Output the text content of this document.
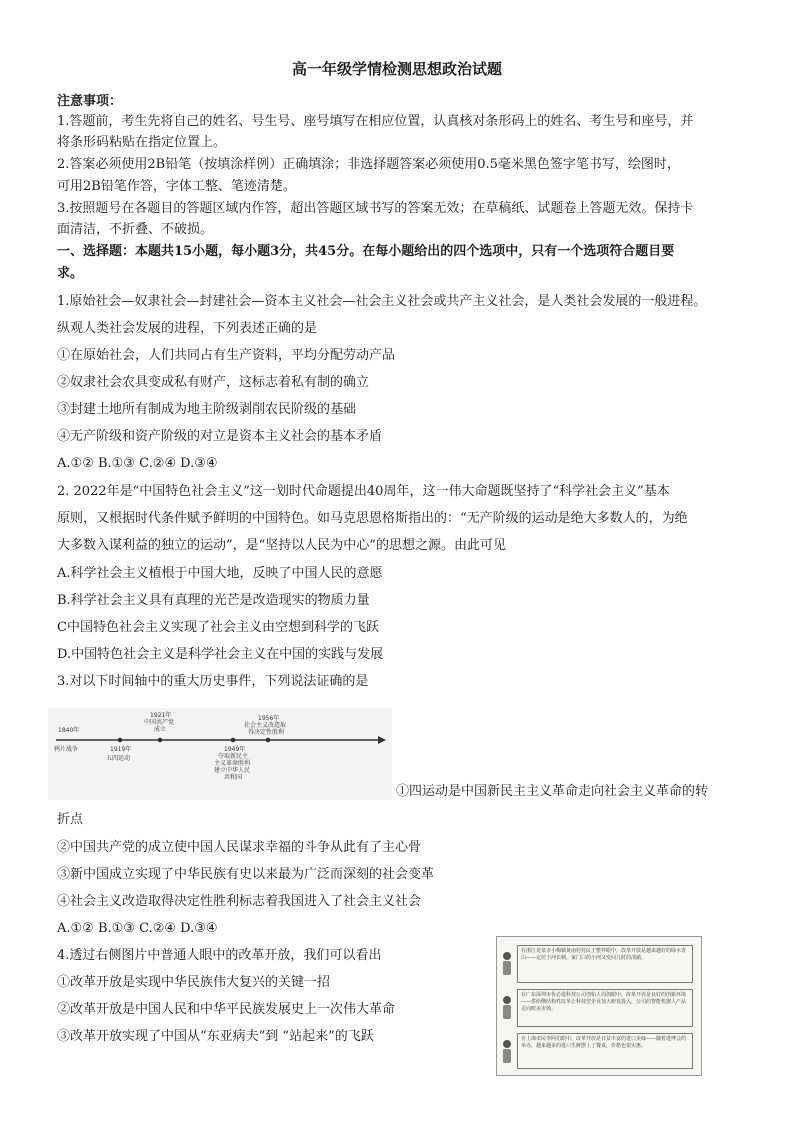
高一年级学情检测思想政治试题
注意事项：
1.答题前，考生先将自己的姓名、号生号、座号填写在相应位置，认真核对条形码上的姓名、考生号和座号，并
将条形码粘贴在指定位置上。
2.答案必须使用2B铅笔（按填涂样例）正确填涂；非选择题答案必须使用0.5毫米黑色签字笔书写，绘图时，
可用2B铅笔作答，字体工整、笔迹清楚。
3.按照题号在各题目的答题区域内作答，超出答题区域书写的答案无效；在草稿纸、试题卷上答题无效。保持卡
面清洁，不折叠、不破损。
一、选择题：本题共15小题，每小题3分，共45分。在每小题给出的四个选项中，只有一个选项符合题目要
求。
1.原始社会—奴隶社会—封建社会—资本主义社会—社会主义社会或共产主义社会，是人类社会发展的一般进程。
纵观人类社会发展的进程，下列表述正确的是
①在原始社会，人们共同占有生产资料，平均分配劳动产品
②奴隶社会农具变成私有财产，这标志着私有制的确立
③封建土地所有制成为地主阶级剥削农民阶级的基础
④无产阶级和资产阶级的对立是资本主义社会的基本矛盾
A.①② B.①③ C.②④ D.③④
2. 2022年是“中国特色社会主义”这一划时代命题提出40周年，这一伟大命题既坚持了“科学社会主义”基本
原则，又根据时代条件赋予鲜明的中国特色。如马克思恩格斯指出的：“无产阶级的运动是绝大多数人的，为绝
大多数入谋利益的独立的运动”，是“坚持以人民为中心”的思想之源。由此可见
A.科学社会主义植根于中国大地，反映了中国人民的意愿
B.科学社会主义具有真理的光芒是改造现实的物质力量
C中国特色社会主义实现了社会主义由空想到科学的飞跃
D.中国特色社会主义是科学社会主义在中国的实践与发展
3.对以下时间轴中的重大历史事件，下列说法证确的是
1840年
鸦片战争	1919年
五四运动
1921年
中国共产党
成立
1949年
夺取新民主
主义革命胜利
建立中华人民
共和国
1956年
社会主义改造取
得决定性胜利
①四运动是中国新民主主义革命走向社会主义革命的转
折点
②中国共产党的成立使中国人民谋求幸福的斗争从此有了主心骨
③新中国成立实现了中华民族有史以来最为广泛而深刻的社会变革
④社会主义改造取得决定性胜利标志着我国进入了社会主义社会
A.①② B.①③ C.②④ D.③④
4.透过右侧图片中普通人眼中的改革开放，我们可以看出
①改革开放是实现中华民族伟大复兴的关键一招
②改革开放是中国人民和中华平民族发展史上一次伟大革命
③改革开放实现了中国从“东亚病夫”到 “站起来”的飞跃
在浙江龙泉市小梅镇黄南村村民王整祥眼中，改革开放是越来越好的绿水青山——定居于河长制，家门口的小河又变回儿时的清澈。
在广东深圳市优必选科技公司创始人周剑眼中，改革开放是良好的创新环境——供给侧结构性改革让科技型企业加大研发投入，公司的智能机器人产品走向欧美市场。
在上海市民李阿伯眼中，改革开放是日益丰富的进口美味——随着进博会的举办，越来越多的进口生鲜摆上了餐桌，价格也很实惠。
